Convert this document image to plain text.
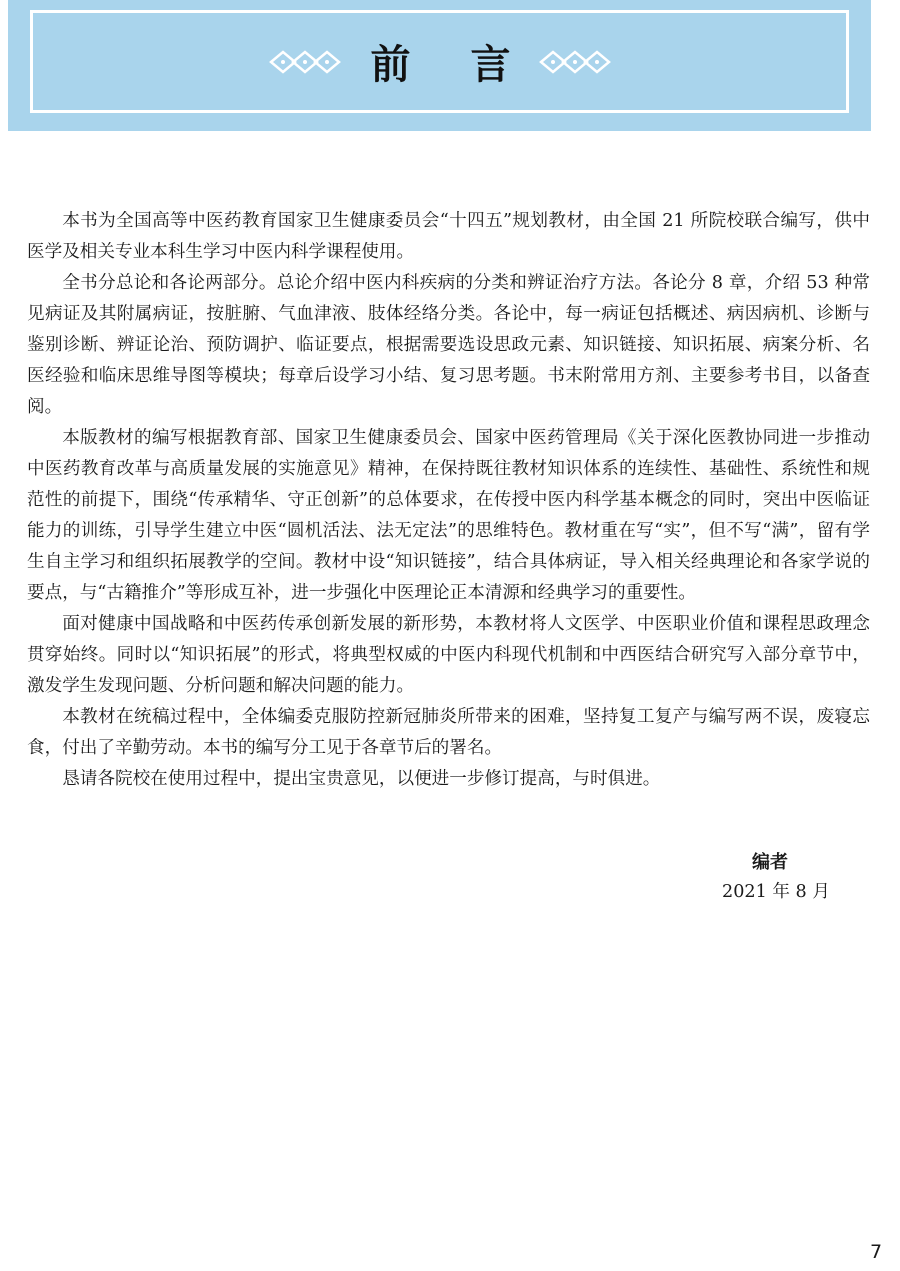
前 言

本书为全国高等中医药教育国家卫生健康委员会“十四五”规划教材，由全国 21 所院校联合编写，供中医学及相关专业本科生学习中医内科学课程使用。

全书分总论和各论两部分。总论介绍中医内科疾病的分类和辨证治疗方法。各论分 8 章，介绍 53 种常见病证及其附属病证，按脏腑、气血津液、肢体经络分类。各论中，每一病证包括概述、病因病机、诊断与鉴别诊断、辨证论治、预防调护、临证要点，根据需要选设思政元素、知识链接、知识拓展、病案分析、名医经验和临床思维导图等模块；每章后设学习小结、复习思考题。书末附常用方剂、主要参考书目，以备查阅。

本版教材的编写根据教育部、国家卫生健康委员会、国家中医药管理局《关于深化医教协同进一步推动中医药教育改革与高质量发展的实施意见》精神，在保持既往教材知识体系的连续性、基础性、系统性和规范性的前提下，围绕“传承精华、守正创新”的总体要求，在传授中医内科学基本概念的同时，突出中医临证能力的训练，引导学生建立中医“圆机活法、法无定法”的思维特色。教材重在写“实”，但不写“满”，留有学生自主学习和组织拓展教学的空间。教材中设“知识链接”，结合具体病证，导入相关经典理论和各家学说的要点，与“古籍推介”等形成互补，进一步强化中医理论正本清源和经典学习的重要性。

面对健康中国战略和中医药传承创新发展的新形势，本教材将人文医学、中医职业价值和课程思政理念贯穿始终。同时以“知识拓展”的形式，将典型权威的中医内科现代机制和中西医结合研究写入部分章节中，激发学生发现问题、分析问题和解决问题的能力。

本教材在统稿过程中，全体编委克服防控新冠肺炎所带来的困难，坚持复工复产与编写两不误，废寝忘食，付出了辛勤劳动。本书的编写分工见于各章节后的署名。

恳请各院校在使用过程中，提出宝贵意见，以便进一步修订提高，与时俱进。

编者
2021 年 8 月
7
